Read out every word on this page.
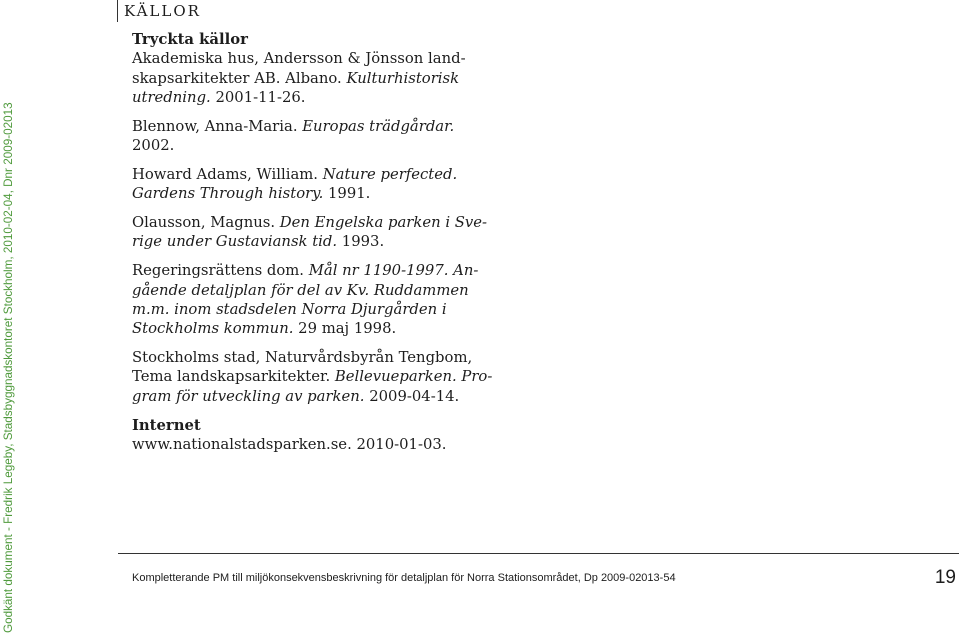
Godkänt dokument - Fredrik Legeby, Stadsbyggnadskontoret Stockholm, 2010-02-04, Dnr 2009-02013
KÄLLOR
Tryckta källor
Akademiska hus, Andersson & Jönsson land-
skapsarkitekter AB. Albano. Kulturhistorisk
utredning. 2001-11-26.
Blennow, Anna-Maria. Europas trädgårdar.
2002.
Howard Adams, William. Nature perfected.
Gardens Through history. 1991.
Olausson, Magnus. Den Engelska parken i Sve-
rige under Gustaviansk tid. 1993.
Regeringsrättens dom. Mål nr 1190-1997. An-
gående detaljplan för del av Kv. Ruddammen
m.m. inom stadsdelen Norra Djurgården i
Stockholms kommun. 29 maj 1998.
Stockholms stad, Naturvårdsbyrån Tengbom,
Tema landskapsarkitekter. Bellevueparken. Pro-
gram för utveckling av parken. 2009-04-14.
Internet
www.nationalstadsparken.se. 2010-01-03.
Kompletterande PM till miljökonsekvensbeskrivning för detaljplan för Norra Stationsområdet, Dp 2009-02013-54	19
